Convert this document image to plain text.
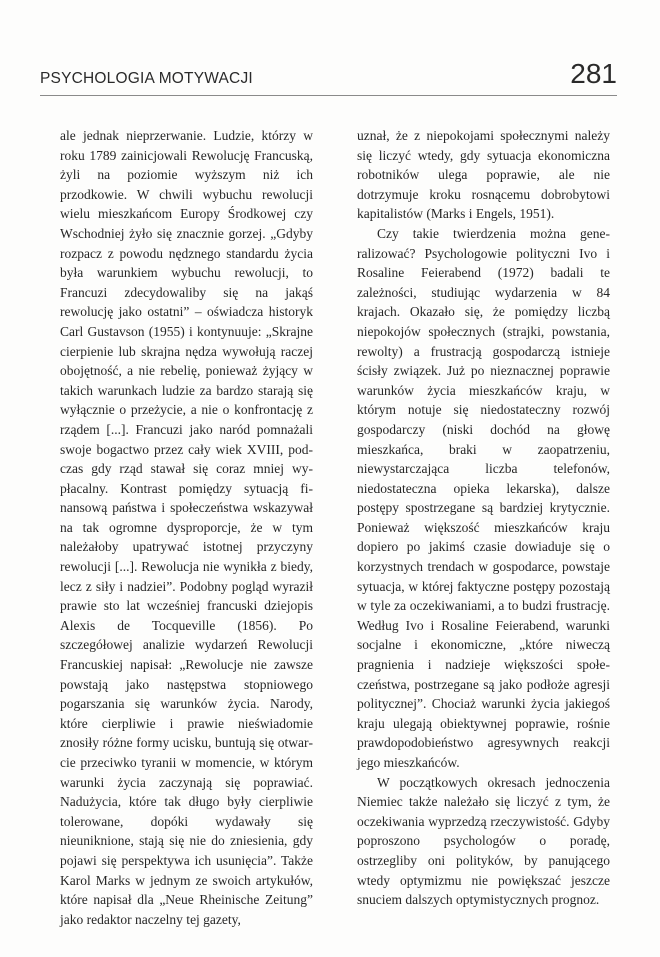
PSYCHOLOGIA MOTYWACJI	281

ale jednak nieprzerwanie. Ludzie, którzy w roku 1789 zainicjowali Rewolucję Francuską, żyli na poziomie wyższym niż ich przodkowie. W chwili wybuchu rewolucji wielu mieszkańcom Europy Środkowej czy Wschodniej żyło się znacznie gorzej. „Gdyby rozpacz z powodu nędznego standardu życia była warunkiem wybuchu rewolucji, to Francuzi zdecydowaliby się na jakąś rewolucję jako ostatni” – oświadcza historyk Carl Gustavson (1955) i kontynuuje: „Skrajne cierpienie lub skrajna nędza wywołują raczej obojętność, a nie rebelię, ponieważ żyjący w takich warunkach ludzie za bardzo starają się wyłącznie o przeżycie, a nie o konfrontację z rządem [...]. Francuzi jako naród pomnażali swoje bogactwo przez cały wiek XVIII, podczas gdy rząd stawał się coraz mniej wypłacalny. Kontrast pomiędzy sytuacją finansową państwa i społeczeństwa wskazywał na tak ogromne dysproporcje, że w tym należałoby upatrywać istotnej przyczyny rewolucji [...]. Rewolucja nie wynikła z biedy, lecz z siły i nadziei”. Podobny pogląd wyraził prawie sto lat wcześniej francuski dziejopis Alexis de Tocqueville (1856). Po szczegółowej analizie wydarzeń Rewolucji Francuskiej napisał: „Rewolucje nie zawsze powstają jako następstwa stopniowego pogarszania się warunków życia. Narody, które cierpliwie i prawie nieświadomie znosiły różne formy ucisku, buntują się otwarcie przeciwko tyranii w momencie, w którym warunki życia zaczynają się poprawiać. Nadużycia, które tak długo były cierpliwie tolerowane, dopóki wydawały się nieuniknione, stają się nie do zniesienia, gdy pojawi się perspektywa ich usunięcia”. Także Karol Marks w jednym ze swoich artykułów, które napisał dla „Neue Rheinische Zeitung” jako redaktor naczelny tej gazety,

uznał, że z niepokojami społecznymi należy się liczyć wtedy, gdy sytuacja ekonomiczna robotników ulega poprawie, ale nie dotrzymuje kroku rosnącemu dobrobytowi kapitalistów (Marks i Engels, 1951).

Czy takie twierdzenia można generalizować? Psychologowie polityczni Ivo i Rosaline Feierabend (1972) badali te zależności, studiując wydarzenia w 84 krajach. Okazało się, że pomiędzy liczbą niepokojów społecznych (strajki, powstania, rewolty) a frustracją gospodarczą istnieje ścisły związek. Już po nieznacznej poprawie warunków życia mieszkańców kraju, w którym notuje się niedostateczny rozwój gospodarczy (niski dochód na głowę mieszkańca, braki w zaopatrzeniu, niewystarczająca liczba telefonów, niedostateczna opieka lekarska), dalsze postępy spostrzegane są bardziej krytycznie. Ponieważ większość mieszkańców kraju dopiero po jakimś czasie dowiaduje się o korzystnych trendach w gospodarce, powstaje sytuacja, w której faktyczne postępy pozostają w tyle za oczekiwaniami, a to budzi frustrację. Według Ivo i Rosaline Feierabend, warunki socjalne i ekonomiczne, „które niweczą pragnienia i nadzieje większości społeczeństwa, postrzegane są jako podłoże agresji politycznej”. Chociaż warunki życia jakiegoś kraju ulegają obiektywnej poprawie, rośnie prawdopodobieństwo agresywnych reakcji jego mieszkańców.

W początkowych okresach jednoczenia Niemiec także należało się liczyć z tym, że oczekiwania wyprzedzą rzeczywistość. Gdyby poproszono psychologów o poradę, ostrzegliby oni polityków, by panującego wtedy optymizmu nie powiększać jeszcze snuciem dalszych optymistycznych prognoz.
